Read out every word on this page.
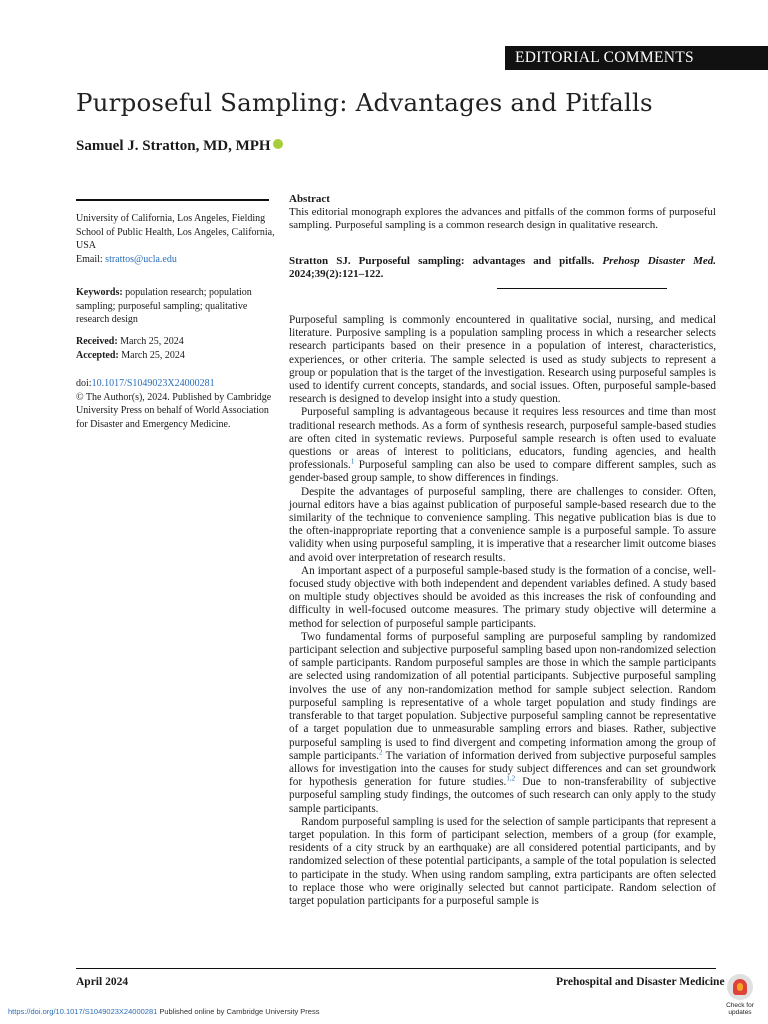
EDITORIAL COMMENTS
Purposeful Sampling: Advantages and Pitfalls
Samuel J. Stratton, MD, MPH

University of California, Los Angeles, Fielding School of Public Health, Los Angeles, California, USA

Email: strattos@ucla.edu

Keywords: population research; population sampling; purposeful sampling; qualitative research design

Received: March 25, 2024

Accepted: March 25, 2024

doi:10.1017/S1049023X24000281

© The Author(s), 2024. Published by Cambridge University Press on behalf of World Association for Disaster and Emergency Medicine.

Abstract
This editorial monograph explores the advances and pitfalls of the common forms of purposeful sampling. Purposeful sampling is a common research design in qualitative research.
Stratton SJ. Purposeful sampling: advantages and pitfalls. Prehosp Disaster Med. 2024;39(2):121–122.

Purposeful sampling is commonly encountered in qualitative social, nursing, and medical literature. Purposive sampling is a population sampling process in which a researcher selects research participants based on their presence in a population of interest, characteristics, experiences, or other criteria. The sample selected is used as study subjects to represent a group or population that is the target of the investigation. Research using purposeful samples is used to identify current concepts, standards, and social issues. Often, purposeful sample-based research is designed to develop insight into a study question.

Purposeful sampling is advantageous because it requires less resources and time than most traditional research methods. As a form of synthesis research, purposeful sample-based studies are often cited in systematic reviews. Purposeful sample research is often used to evaluate questions or areas of interest to politicians, educators, funding agencies, and health professionals.$^1$ Purposeful sampling can also be used to compare different samples, such as gender-based group sample, to show differences in findings.

Despite the advantages of purposeful sampling, there are challenges to consider. Often, journal editors have a bias against publication of purposeful sample-based research due to the similarity of the technique to convenience sampling. This negative publication bias is due to the often-inappropriate reporting that a convenience sample is a purposeful sample. To assure validity when using purposeful sampling, it is imperative that a researcher limit outcome biases and avoid over interpretation of research results.

An important aspect of a purposeful sample-based study is the formation of a concise, well-focused study objective with both independent and dependent variables defined. A study based on multiple study objectives should be avoided as this increases the risk of confounding and difficulty in well-focused outcome measures. The primary study objective will determine a method for selection of purposeful sample participants.

Two fundamental forms of purposeful sampling are purposeful sampling by randomized participant selection and subjective purposeful sampling based upon non-randomized selection of sample participants. Random purposeful samples are those in which the sample participants are selected using randomization of all potential participants. Subjective purposeful sampling involves the use of any non-randomization method for sample subject selection. Random purposeful sampling is representative of a whole target population and study findings are transferable to that target population. Subjective purposeful sampling cannot be representative of a target population due to unmeasurable sampling errors and biases. Rather, subjective purposeful sampling is used to find divergent and competing information among the group of sample participants.$^2$ The variation of information derived from subjective purposeful samples allows for investigation into the causes for study subject differences and can set groundwork for hypothesis generation for future studies.$^{1,2}$ Due to non-transferability of subjective purposeful sampling study findings, the outcomes of such research can only apply to the study sample participants.

Random purposeful sampling is used for the selection of sample participants that represent a target population. In this form of participant selection, members of a group (for example, residents of a city struck by an earthquake) are all considered potential participants, and by randomized selection of these potential participants, a sample of the total population is selected to participate in the study. When using random sampling, extra participants are often selected to replace those who were originally selected but cannot participate. Random selection of target population participants for a purposeful sample is

April 2024	Prehospital and Disaster Medicine
https://doi.org/10.1017/S1049023X24000281 Published online by Cambridge University Press
Check for
updates
